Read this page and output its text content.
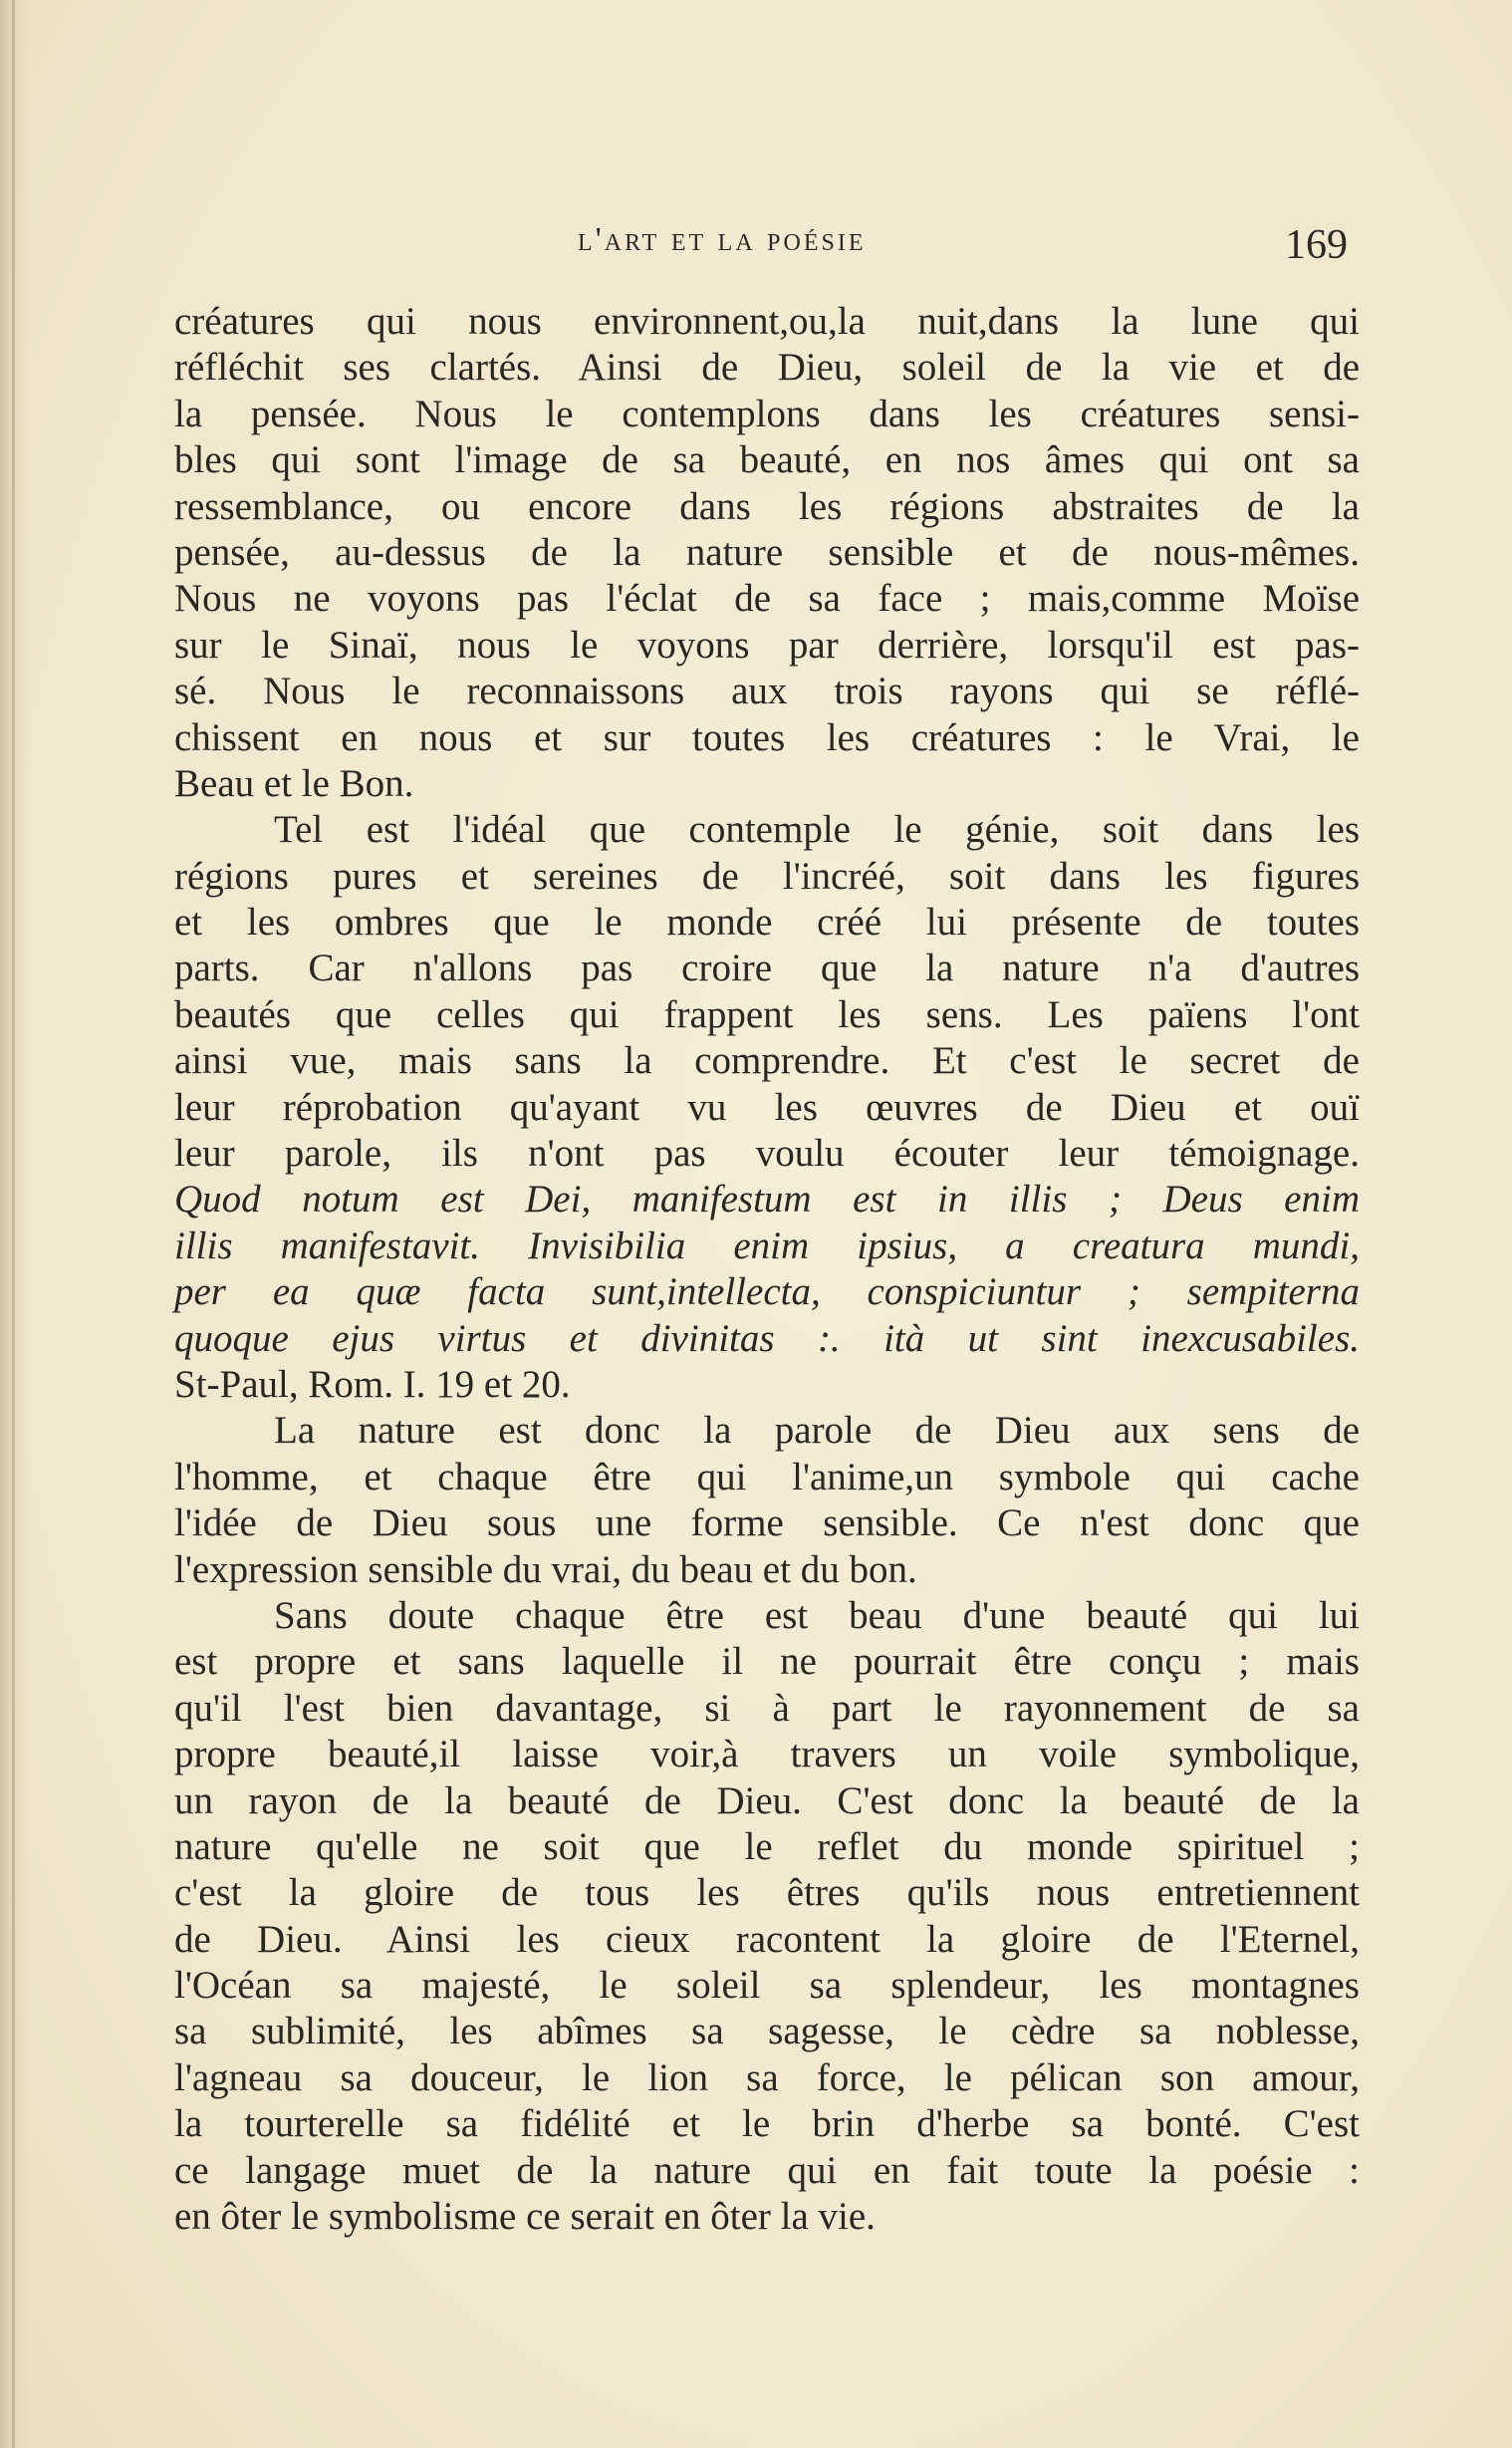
l'art et la poésie	169
créatures qui nous environnent,ou,la nuit,dans la lune qui
réfléchit ses clartés. Ainsi de Dieu, soleil de la vie et de
la pensée. Nous le contemplons dans les créatures sensi-
bles qui sont l'image de sa beauté, en nos âmes qui ont sa
ressemblance, ou encore dans les régions abstraites de la
pensée, au-dessus de la nature sensible et de nous-mêmes.
Nous ne voyons pas l'éclat de sa face ; mais,comme Moïse
sur le Sinaï, nous le voyons par derrière, lorsqu'il est pas-
sé. Nous le reconnaissons aux trois rayons qui se réflé-
chissent en nous et sur toutes les créatures : le Vrai, le
Beau et le Bon.
Tel est l'idéal que contemple le génie, soit dans les
régions pures et sereines de l'incréé, soit dans les figures
et les ombres que le monde créé lui présente de toutes
parts. Car n'allons pas croire que la nature n'a d'autres
beautés que celles qui frappent les sens. Les païens l'ont
ainsi vue, mais sans la comprendre. Et c'est le secret de
leur réprobation qu'ayant vu les œuvres de Dieu et ouï
leur parole, ils n'ont pas voulu écouter leur témoignage.
Quod notum est Dei, manifestum est in illis ; Deus enim
illis manifestavit. Invisibilia enim ipsius, a creatura mundi,
per ea quæ facta sunt,intellecta, conspiciuntur ; sempiterna
quoque ejus virtus et divinitas :. ità ut sint inexcusabiles.
St-Paul, Rom. I. 19 et 20.
La nature est donc la parole de Dieu aux sens de
l'homme, et chaque être qui l'anime,un symbole qui cache
l'idée de Dieu sous une forme sensible. Ce n'est donc que
l'expression sensible du vrai, du beau et du bon.
Sans doute chaque être est beau d'une beauté qui lui
est propre et sans laquelle il ne pourrait être conçu ; mais
qu'il l'est bien davantage, si à part le rayonnement de sa
propre beauté,il laisse voir,à travers un voile symbolique,
un rayon de la beauté de Dieu. C'est donc la beauté de la
nature qu'elle ne soit que le reflet du monde spirituel ;
c'est la gloire de tous les êtres qu'ils nous entretiennent
de Dieu. Ainsi les cieux racontent la gloire de l'Eternel,
l'Océan sa majesté, le soleil sa splendeur, les montagnes
sa sublimité, les abîmes sa sagesse, le cèdre sa noblesse,
l'agneau sa douceur, le lion sa force, le pélican son amour,
la tourterelle sa fidélité et le brin d'herbe sa bonté. C'est
ce langage muet de la nature qui en fait toute la poésie :
en ôter le symbolisme ce serait en ôter la vie.
